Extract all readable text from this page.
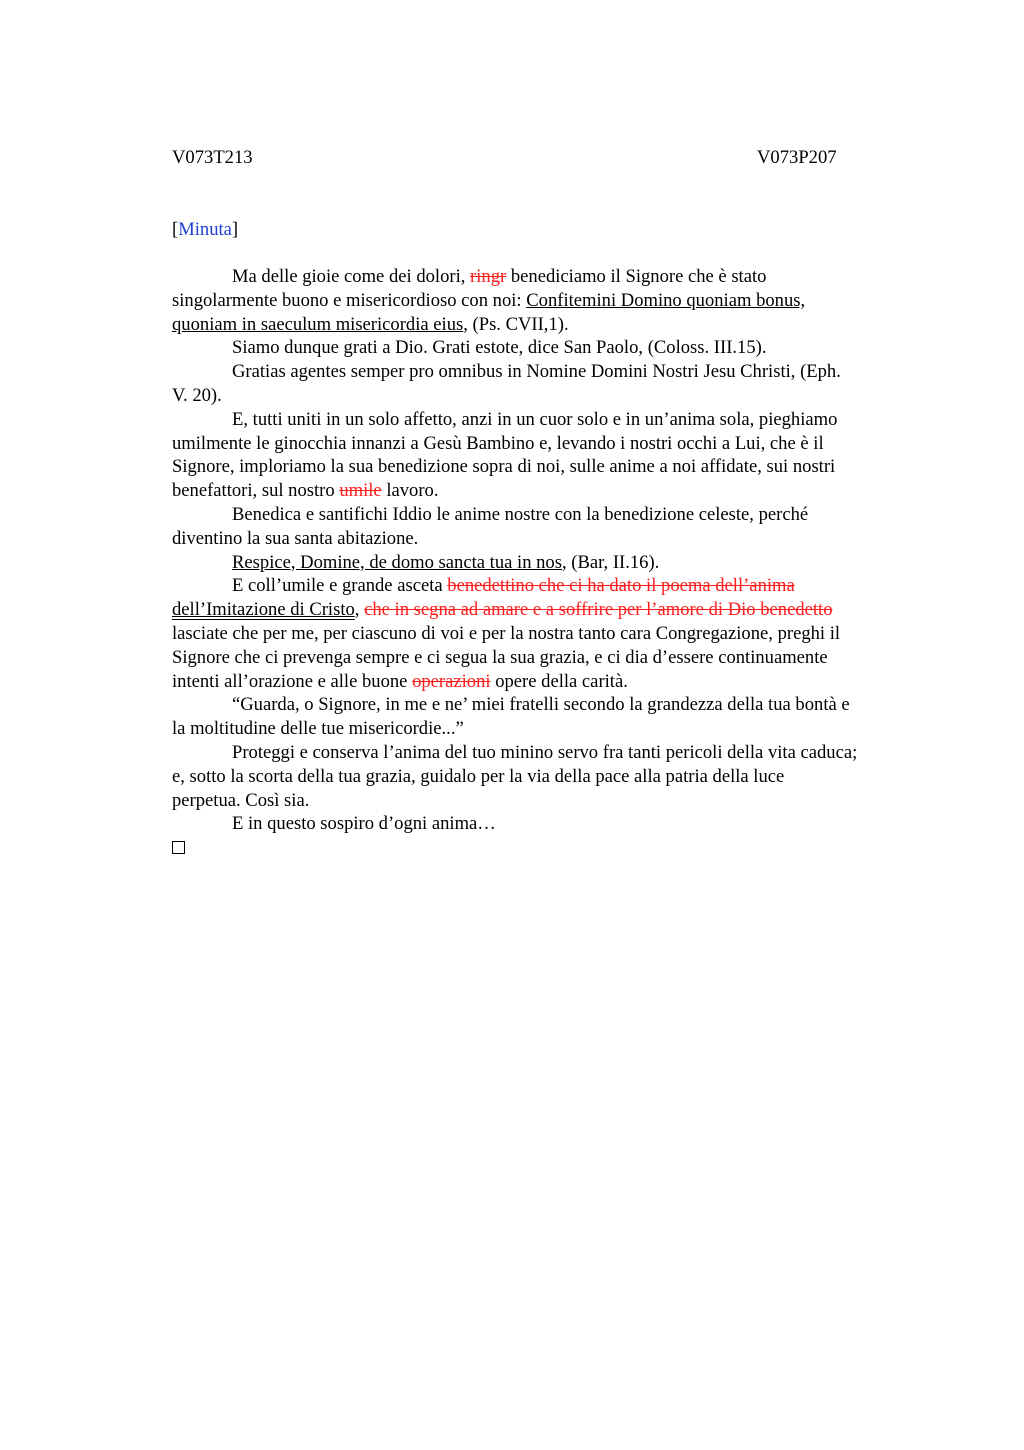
V073T213	V073P207
[Minuta]
Ma delle gioie come dei dolori, ringr benediciamo il Signore che è stato
singolarmente buono e misericordioso con noi: Confitemini Domino quoniam bonus,
quoniam in saeculum misericordia eius, (Ps. CVII,1).
Siamo dunque grati a Dio. Grati estote, dice San Paolo, (Coloss. III.15).
Gratias agentes semper pro omnibus in Nomine Domini Nostri Jesu Christi, (Eph.
V. 20).
E, tutti uniti in un solo affetto, anzi in un cuor solo e in un’anima sola, pieghiamo
umilmente le ginocchia innanzi a Gesù Bambino e, levando i nostri occhi a Lui, che è il
Signore, imploriamo la sua benedizione sopra di noi, sulle anime a noi affidate, sui nostri
benefattori, sul nostro umile lavoro.
Benedica e santifichi Iddio le anime nostre con la benedizione celeste, perché
diventino la sua santa abitazione.
Respice, Domine, de domo sancta tua in nos, (Bar, II.16).
E coll’umile e grande asceta benedettino che ci ha dato il poema dell’anima
dell’Imitazione di Cristo, che in segna ad amare e a soffrire per l’amore di Dio benedetto
lasciate che per me, per ciascuno di voi e per la nostra tanto cara Congregazione, preghi il
Signore che ci prevenga sempre e ci segua la sua grazia, e ci dia d’essere continuamente
intenti all’orazione e alle buone operazioni opere della carità.
“Guarda, o Signore, in me e ne’ miei fratelli secondo la grandezza della tua bontà e
la moltitudine delle tue misericordie...”
Proteggi e conserva l’anima del tuo minino servo fra tanti pericoli della vita caduca;
e, sotto la scorta della tua grazia, guidalo per la via della pace alla patria della luce
perpetua. Così sia.
E in questo sospiro d’ogni anima…
